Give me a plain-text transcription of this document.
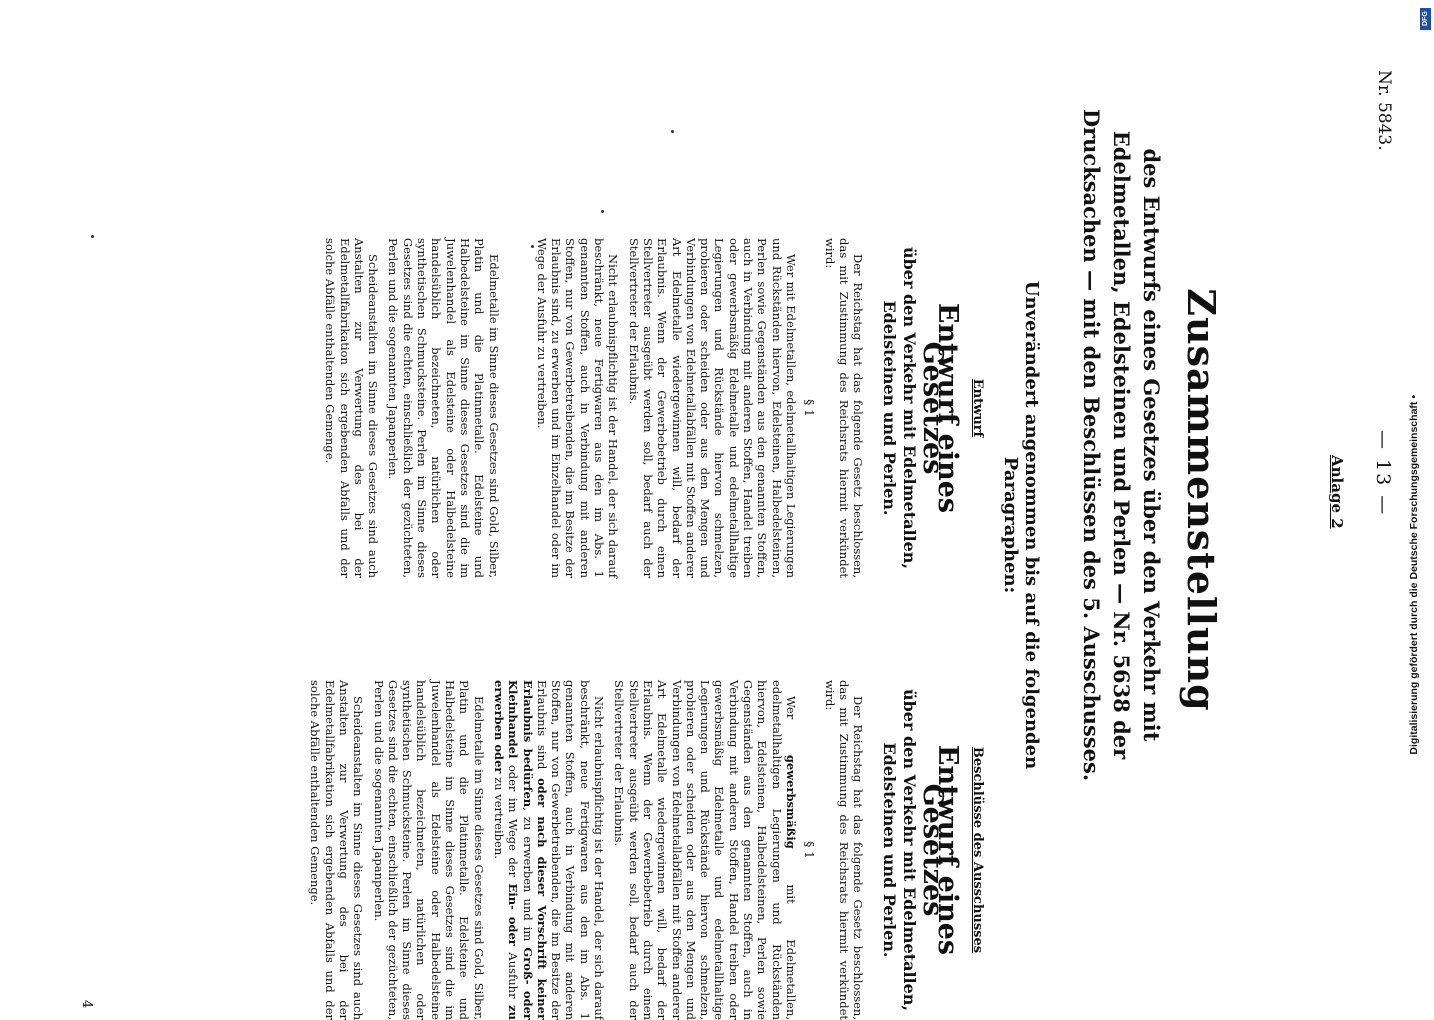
Nr. 5843.
— 13 —
Anlage 2
Zusammenstellung
des Entwurfs eines Gesetzes über den Verkehr mit Edelmetallen, Edelsteinen und Perlen — Nr. 5638 der Drucksachen — mit den Beschlüssen des 5. Ausschusses.
Unverändert angenommen bis auf die folgenden Paragraphen:
Entwurf
Entwurf eines Gesetzes
über den Verkehr mit Edelmetallen, Edelsteinen und Perlen.

Der Reichstag hat das folgende Gesetz beschlossen, das mit Zustimmung des Reichsrats hiermit verkündet wird:

§ 1

Wer mit Edelmetallen, edelmetallhaltigen Legierungen und Rückständen hiervon, Edelsteinen, Halbedelsteinen, Perlen sowie Gegenständen aus den genannten Stoffen, auch in Verbindung mit anderen Stoffen, Handel treiben oder gewerbsmäßig Edelmetalle und edelmetallhaltige Legierungen und Rückstände hiervon schmelzen, probieren oder scheiden oder aus den Mengen und Verbindungen von Edelmetallabfällen mit Stoffen anderer Art Edelmetalle wiedergewinnen will, bedarf der Erlaubnis. Wenn der Gewerbebetrieb durch einen Stellvertreter ausgeübt werden soll, bedarf auch der Stellvertreter der Erlaubnis.

Nicht erlaubnispflichtig ist der Handel, der sich darauf beschränkt, neue Fertigwaren aus den im Abs. 1 genannten Stoffen, auch in Verbindung mit anderen Stoffen, nur von Gewerbetreibenden, die im Besitze der Erlaubnis sind, zu erwerben und im Einzelhandel oder im Wege der Ausfuhr zu vertreiben.

Edelmetalle im Sinne dieses Gesetzes sind Gold, Silber, Platin und die Platinmetalle. Edelsteine und Halbedelsteine im Sinne dieses Gesetzes sind die im Juwelenhandel als Edelsteine oder Halbedelsteine handelsüblich bezeichneten, natürlichen oder synthetischen Schmucksteine. Perlen im Sinne dieses Gesetzes sind die echten, einschließlich der gezüchteten, Perlen und die sogenannten Japanperlen.

Scheideanstalten im Sinne dieses Gesetzes sind auch Anstalten zur Verwertung des bei der Edelmetallfabrikation sich ergebenden Abfalls und der solche Abfälle enthaltenden Gemenge.

Beschlüsse des Ausschusses
Entwurf eines Gesetzes
über den Verkehr mit Edelmetallen, Edelsteinen und Perlen.

Der Reichstag hat das folgende Gesetz beschlossen, das mit Zustimmung des Reichsrats hiermit verkündet wird:

§ 1

Wer gewerbsmäßig mit Edelmetallen, edelmetallhaltigen Legierungen und Rückständen hiervon, Edelsteinen, Halbedelsteinen, Perlen sowie Gegenständen aus den genannten Stoffen, auch in Verbindung mit anderen Stoffen, Handel treiben oder gewerbsmäßig Edelmetalle und edelmetallhaltige Legierungen und Rückstände hiervon schmelzen, probieren oder scheiden oder aus den Mengen und Verbindungen von Edelmetallabfällen mit Stoffen anderer Art Edelmetalle wiedergewinnen will, bedarf der Erlaubnis. Wenn der Gewerbebetrieb durch einen Stellvertreter ausgeübt werden soll, bedarf auch der Stellvertreter der Erlaubnis.

Nicht erlaubnispflichtig ist der Handel, der sich darauf beschränkt, neue Fertigwaren aus den im Abs. 1 genannten Stoffen, auch in Verbindung mit anderen Stoffen, nur von Gewerbetreibenden, die im Besitze der Erlaubnis sind oder nach dieser Vorschrift keiner Erlaubnis bedürfen, zu erwerben und im Groß- oder Kleinhandel oder im Wege der Ein- oder Ausfuhr zu erwerben oder zu vertreiben.

Edelmetalle im Sinne dieses Gesetzes sind Gold, Silber, Platin und die Platinmetalle. Edelsteine und Halbedelsteine im Sinne dieses Gesetzes sind die im Juwelenhandel als Edelsteine oder Halbedelsteine handelsüblich bezeichneten, natürlichen oder synthetischen Schmucksteine. Perlen im Sinne dieses Gesetzes sind die echten, einschließlich der gezüchteten, Perlen und die sogenannten Japanperlen.

Scheideanstalten im Sinne dieses Gesetzes sind auch Anstalten zur Verwertung des bei der Edelmetallfabrikation sich ergebenden Abfalls und der solche Abfälle enthaltenden Gemenge.

4
DFG
Digitalisierung gefördert durch die Deutsche Forschungsgemeinschaft •
